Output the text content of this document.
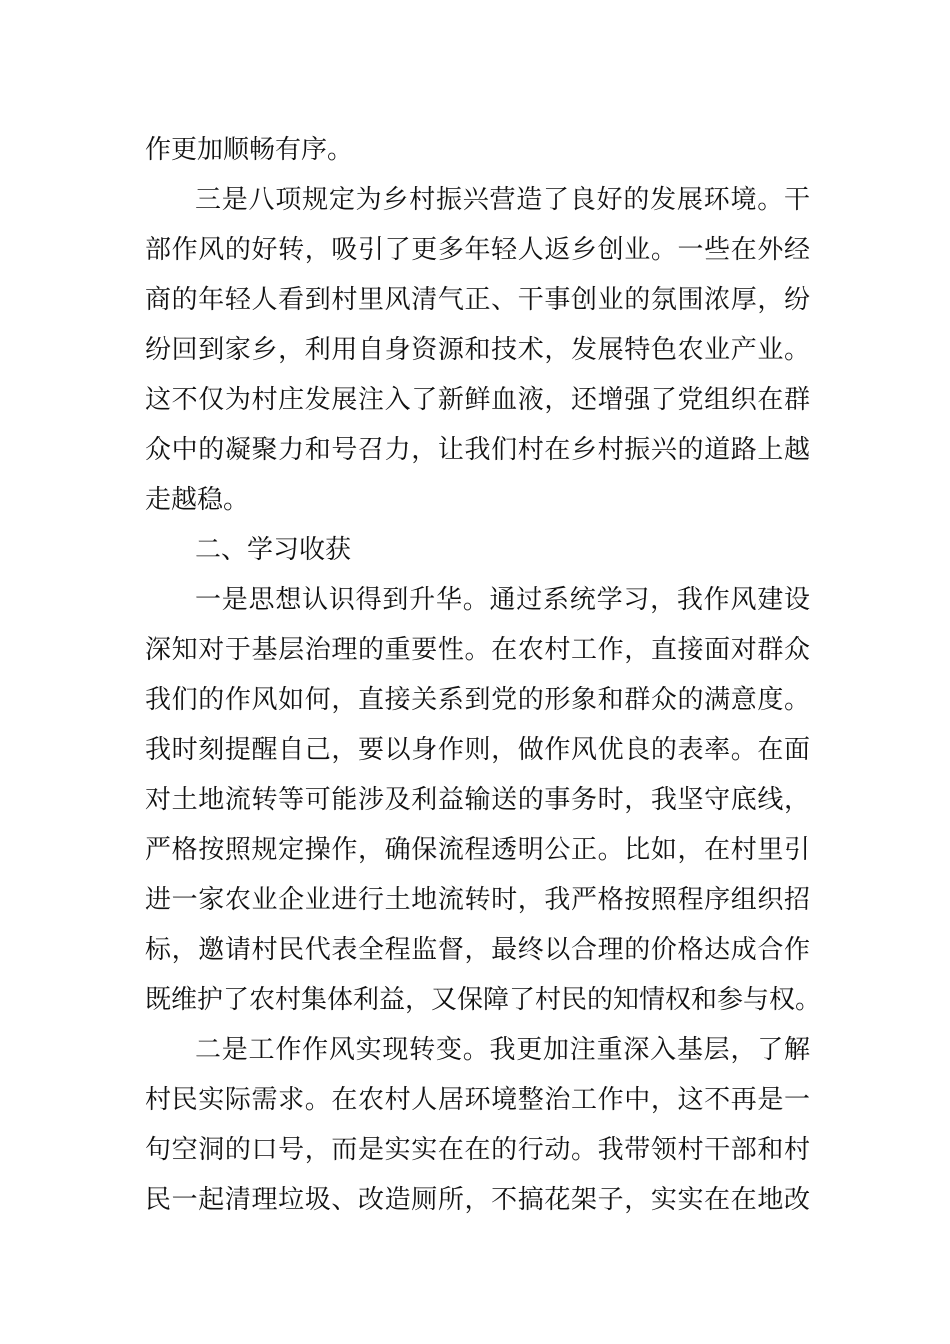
作更加顺畅有序。
三是八项规定为乡村振兴营造了良好的发展环境。干
部作风的好转，吸引了更多年轻人返乡创业。一些在外经
商的年轻人看到村里风清气正、干事创业的氛围浓厚，纷
纷回到家乡，利用自身资源和技术，发展特色农业产业。
这不仅为村庄发展注入了新鲜血液，还增强了党组织在群
众中的凝聚力和号召力，让我们村在乡村振兴的道路上越
走越稳。
二、学习收获
一是思想认识得到升华。通过系统学习，我作风建设
深知对于基层治理的重要性。在农村工作，直接面对群众
我们的作风如何，直接关系到党的形象和群众的满意度。
我时刻提醒自己，要以身作则，做作风优良的表率。在面
对土地流转等可能涉及利益输送的事务时，我坚守底线，
严格按照规定操作，确保流程透明公正。比如，在村里引
进一家农业企业进行土地流转时，我严格按照程序组织招
标，邀请村民代表全程监督，最终以合理的价格达成合作
既维护了农村集体利益，又保障了村民的知情权和参与权。
二是工作作风实现转变。我更加注重深入基层，了解
村民实际需求。在农村人居环境整治工作中，这不再是一
句空洞的口号，而是实实在在的行动。我带领村干部和村
民一起清理垃圾、改造厕所，不搞花架子，实实在在地改
